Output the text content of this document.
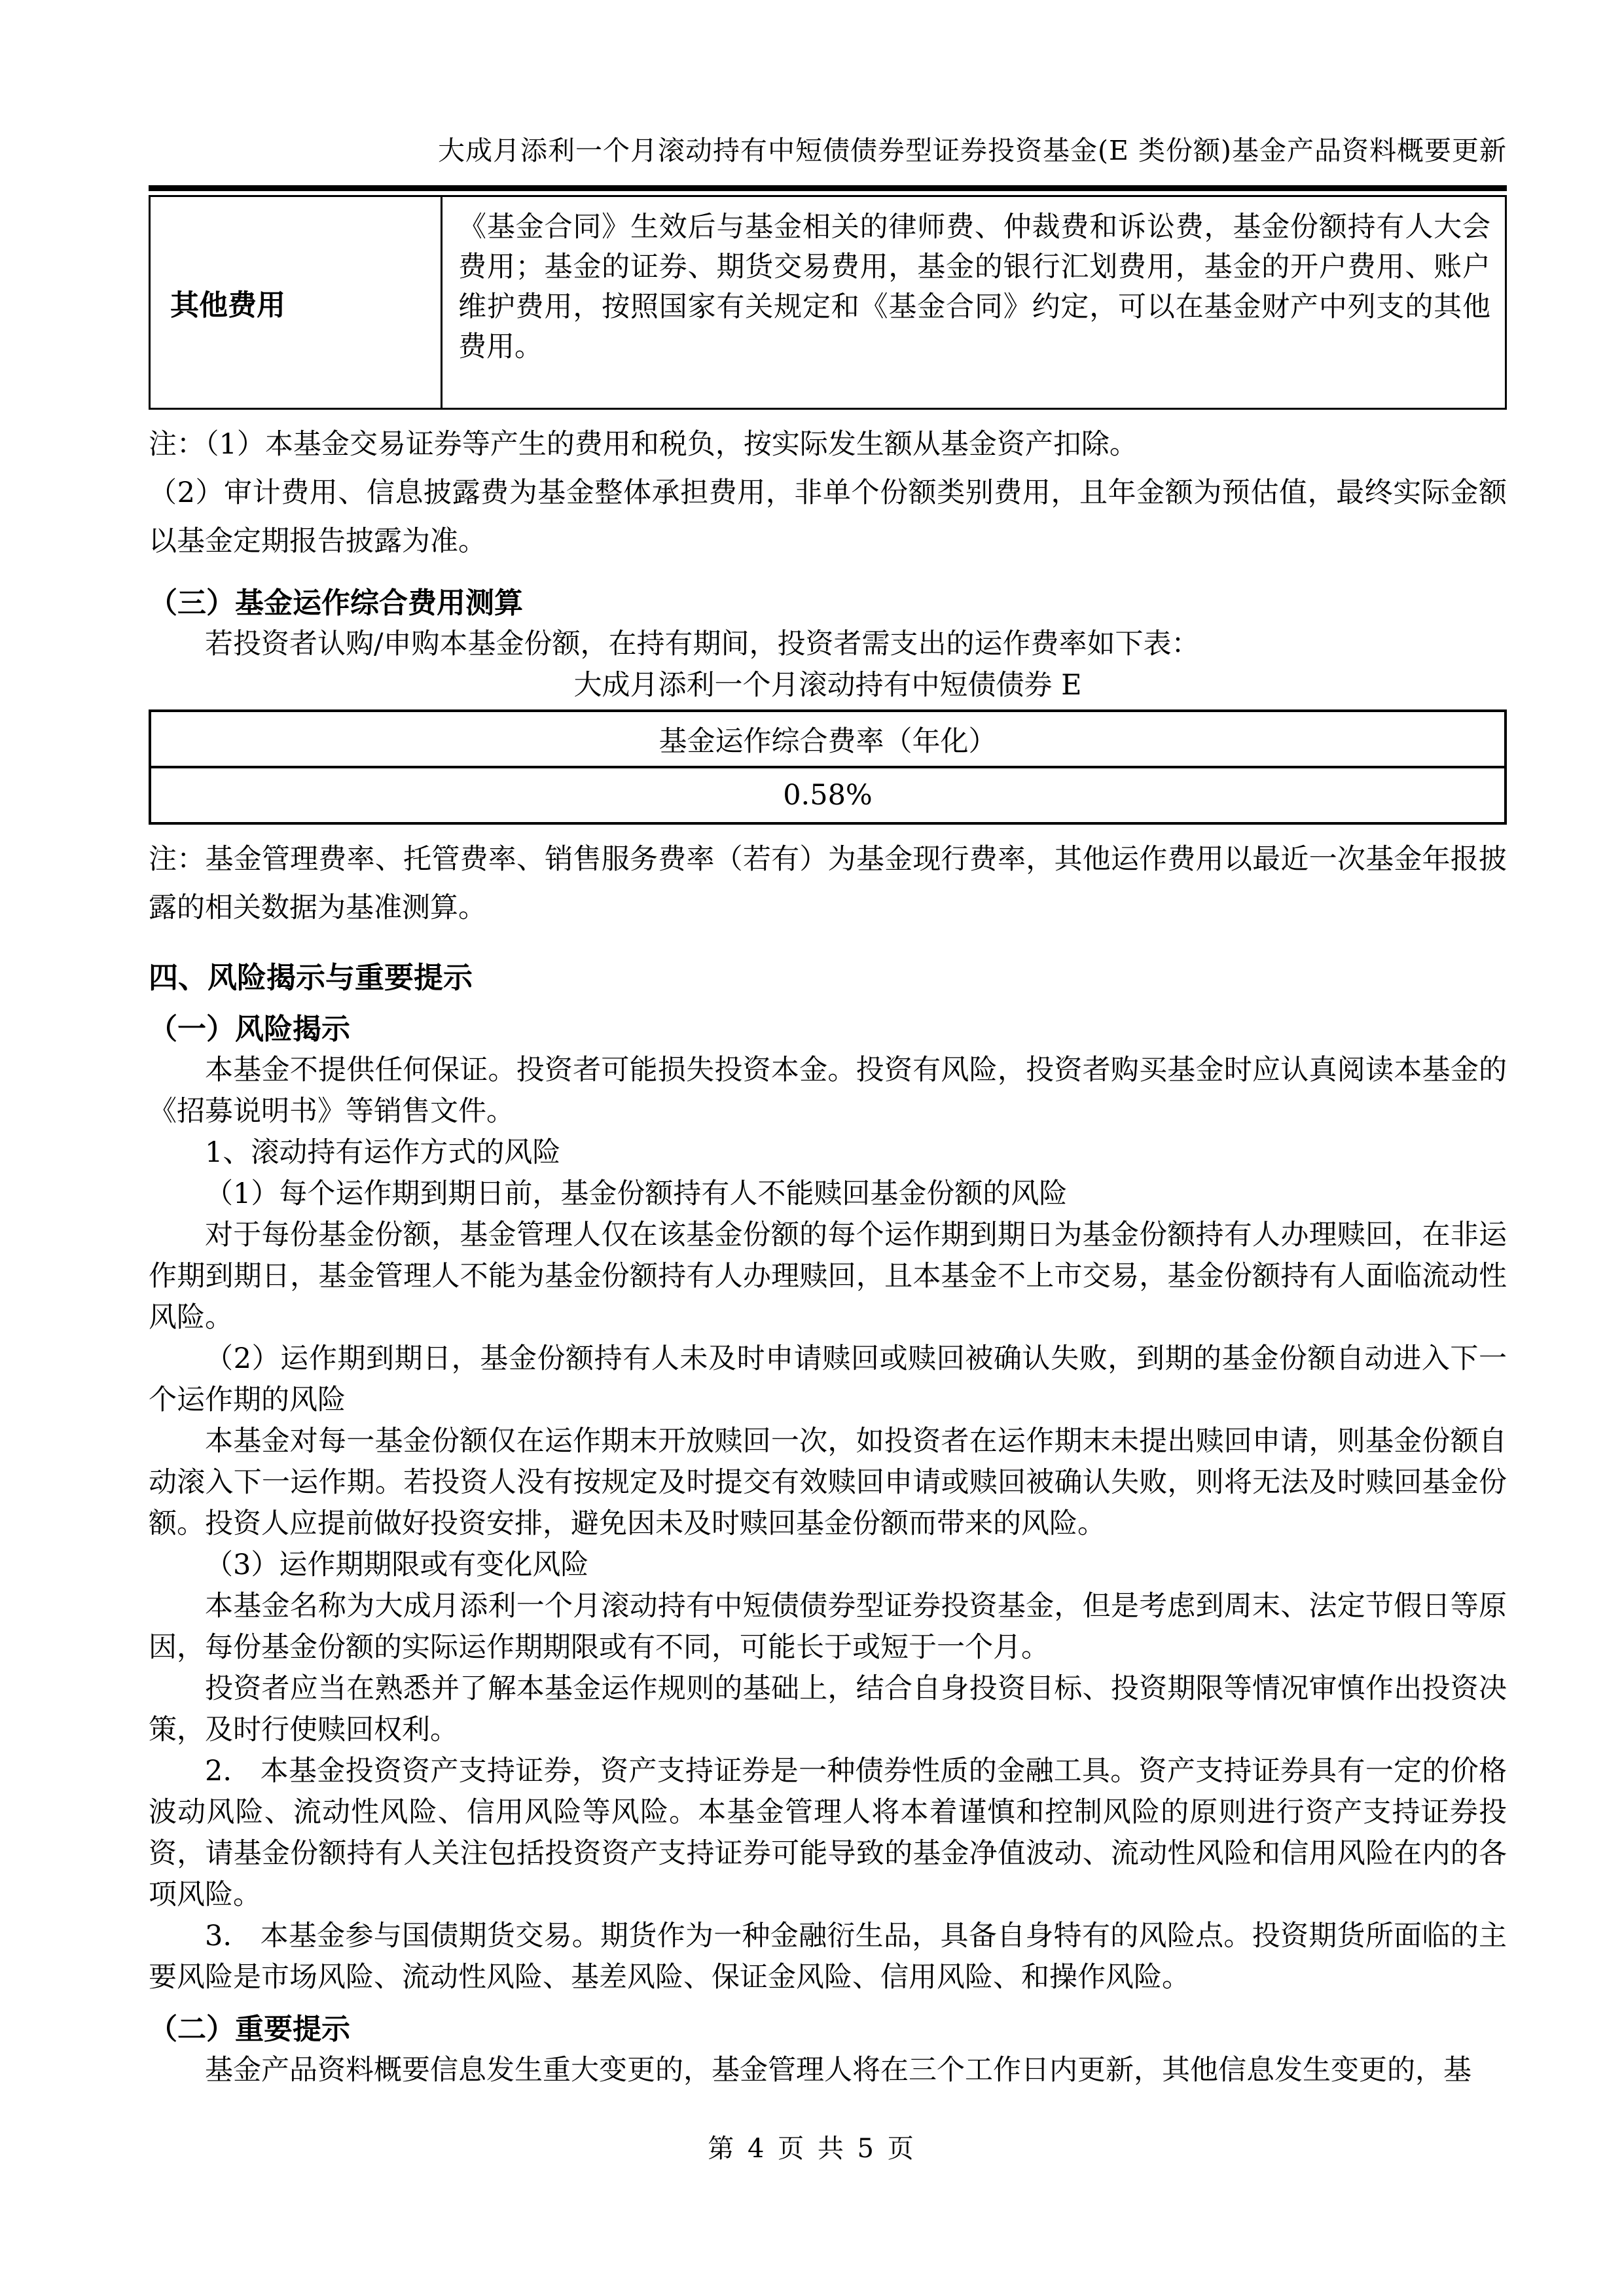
大成月添利一个月滚动持有中短债债券型证券投资基金(E 类份额)基金产品资料概要更新
其他费用	《基金合同》生效后与基金相关的律师费、仲裁费和诉讼费，基金份额持有人大会费用；基金的证券、期货交易费用，基金的银行汇划费用，基金的开户费用、账户维护费用，按照国家有关规定和《基金合同》约定，可以在基金财产中列支的其他费用。

注：（1）本基金交易证券等产生的费用和税负，按实际发生额从基金资产扣除。

（2）审计费用、信息披露费为基金整体承担费用，非单个份额类别费用，且年金额为预估值，最终实际金额以基金定期报告披露为准。

（三）基金运作综合费用测算

若投资者认购/申购本基金份额，在持有期间，投资者需支出的运作费率如下表：

大成月添利一个月滚动持有中短债债券 E

基金运作综合费率（年化）
0.58%

注：基金管理费率、托管费率、销售服务费率（若有）为基金现行费率，其他运作费用以最近一次基金年报披露的相关数据为基准测算。

四、风险揭示与重要提示
（一）风险揭示

本基金不提供任何保证。投资者可能损失投资本金。投资有风险，投资者购买基金时应认真阅读本基金的《招募说明书》等销售文件。

1、滚动持有运作方式的风险

（1）每个运作期到期日前，基金份额持有人不能赎回基金份额的风险

对于每份基金份额，基金管理人仅在该基金份额的每个运作期到期日为基金份额持有人办理赎回，在非运作期到期日，基金管理人不能为基金份额持有人办理赎回，且本基金不上市交易，基金份额持有人面临流动性风险。

（2）运作期到期日，基金份额持有人未及时申请赎回或赎回被确认失败，到期的基金份额自动进入下一个运作期的风险

本基金对每一基金份额仅在运作期末开放赎回一次，如投资者在运作期末未提出赎回申请，则基金份额自动滚入下一运作期。若投资人没有按规定及时提交有效赎回申请或赎回被确认失败，则将无法及时赎回基金份额。投资人应提前做好投资安排，避免因未及时赎回基金份额而带来的风险。

（3）运作期期限或有变化风险

本基金名称为大成月添利一个月滚动持有中短债债券型证券投资基金，但是考虑到周末、法定节假日等原因，每份基金份额的实际运作期期限或有不同，可能长于或短于一个月。

投资者应当在熟悉并了解本基金运作规则的基础上，结合自身投资目标、投资期限等情况审慎作出投资决策，及时行使赎回权利。

2.　本基金投资资产支持证券，资产支持证券是一种债券性质的金融工具。资产支持证券具有一定的价格波动风险、流动性风险、信用风险等风险。本基金管理人将本着谨慎和控制风险的原则进行资产支持证券投资，请基金份额持有人关注包括投资资产支持证券可能导致的基金净值波动、流动性风险和信用风险在内的各项风险。

3.　本基金参与国债期货交易。期货作为一种金融衍生品，具备自身特有的风险点。投资期货所面临的主要风险是市场风险、流动性风险、基差风险、保证金风险、信用风险、和操作风险。

（二）重要提示

基金产品资料概要信息发生重大变更的，基金管理人将在三个工作日内更新，其他信息发生变更的，基

第 4 页 共 5 页
